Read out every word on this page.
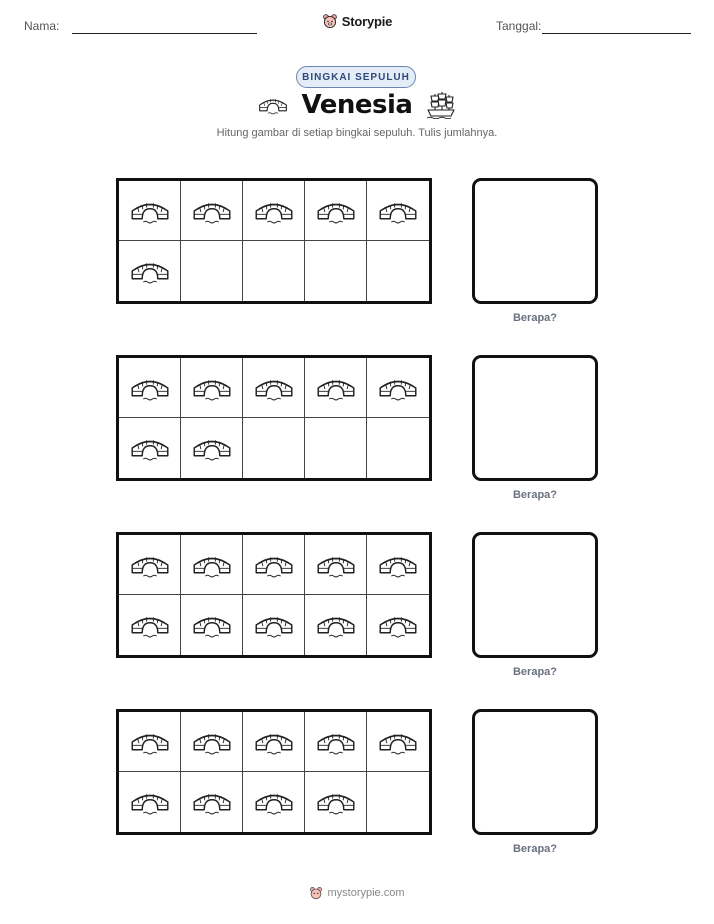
Nama:	Storypie	Tanggal:
BINGKAI SEPULUH
Venesia
Hitung gambar di setiap bingkai sepuluh. Tulis jumlahnya.
Berapa?
Berapa?
Berapa?
Berapa?
mystorypie.com
